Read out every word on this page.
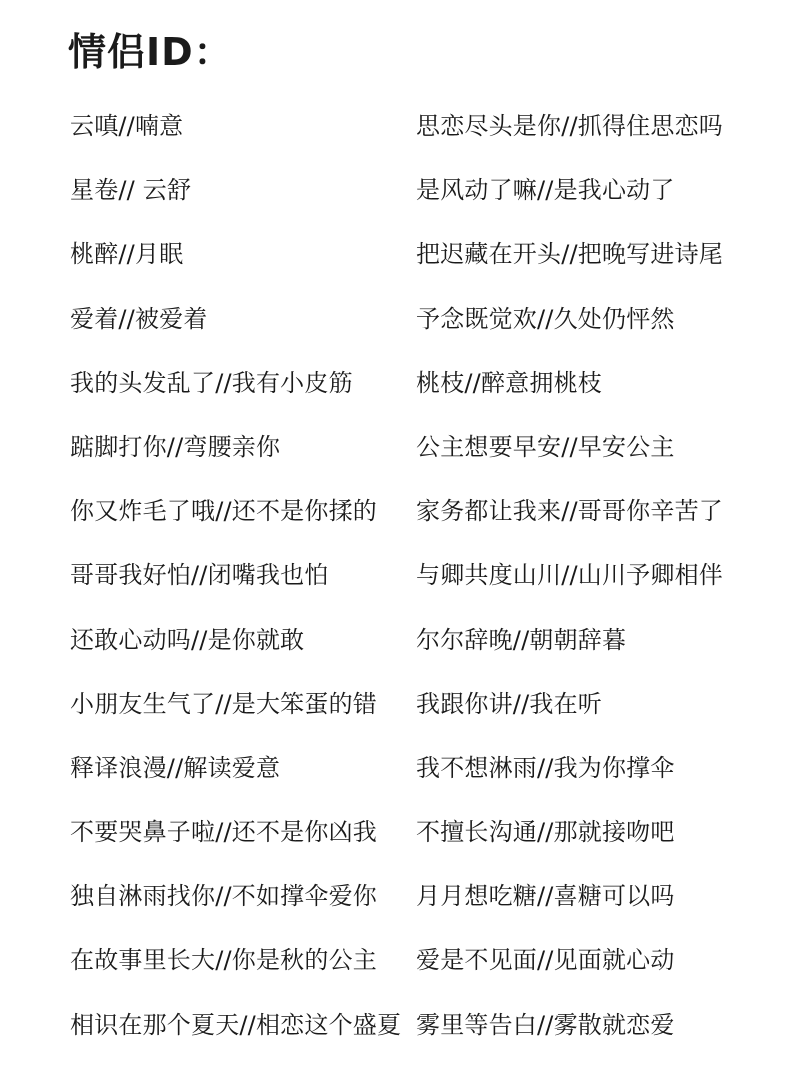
情侣ID：
云嗔//喃意
星卷// 云舒
桃醉//月眠
爱着//被爱着
我的头发乱了//我有小皮筋
踮脚打你//弯腰亲你
你又炸毛了哦//还不是你揉的
哥哥我好怕//闭嘴我也怕
还敢心动吗//是你就敢
小朋友生气了//是大笨蛋的错
释译浪漫//解读爱意
不要哭鼻子啦//还不是你凶我
独自淋雨找你//不如撑伞爱你
在故事里长大//你是秋的公主
相识在那个夏天//相恋这个盛夏
思恋尽头是你//抓得住思恋吗
是风动了嘛//是我心动了
把迟藏在开头//把晚写进诗尾
予念既觉欢//久处仍怦然
桃枝//醉意拥桃枝
公主想要早安//早安公主
家务都让我来//哥哥你辛苦了
与卿共度山川//山川予卿相伴
尔尔辞晚//朝朝辞暮
我跟你讲//我在听
我不想淋雨//我为你撑伞
不擅长沟通//那就接吻吧
月月想吃糖//喜糖可以吗
爱是不见面//见面就心动
雾里等告白//雾散就恋爱
